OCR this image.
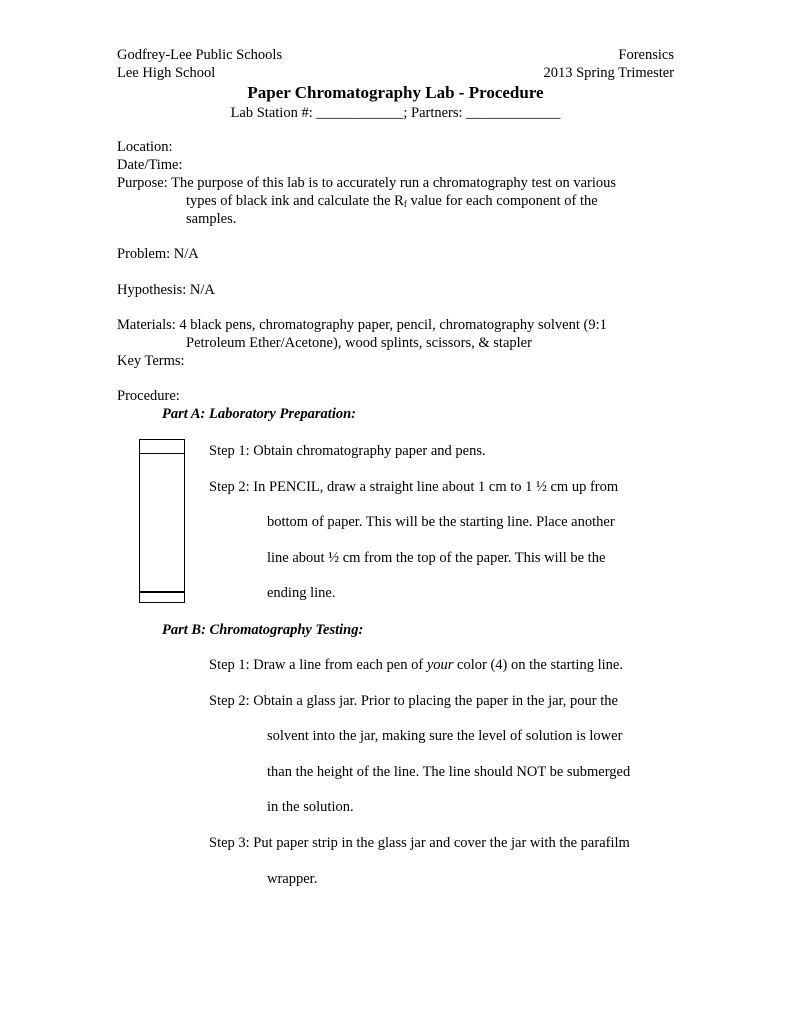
Godfrey-Lee Public Schools
Lee High School
Forensics
2013 Spring Trimester
Paper Chromatography Lab - Procedure
Lab Station #: ____________; Partners: _____________
Location:
Date/Time:
Purpose: The purpose of this lab is to accurately run a chromatography test on various
types of black ink and calculate the $R_f$ value for each component of the
samples.
Problem: N/A
Hypothesis: N/A
Materials: 4 black pens, chromatography paper, pencil, chromatography solvent (9:1
Petroleum Ether/Acetone), wood splints, scissors, & stapler
Key Terms:
Procedure:
Part A: Laboratory Preparation:
Step 1: Obtain chromatography paper and pens.
Step 2: In PENCIL, draw a straight line about 1 cm to 1 ½ cm up from
bottom of paper. This will be the starting line. Place another
line about ½ cm from the top of the paper. This will be the
ending line.
Part B: Chromatography Testing:
Step 1: Draw a line from each pen of your color (4) on the starting line.
Step 2: Obtain a glass jar. Prior to placing the paper in the jar, pour the
solvent into the jar, making sure the level of solution is lower
than the height of the line. The line should NOT be submerged
in the solution.
Step 3: Put paper strip in the glass jar and cover the jar with the parafilm
wrapper.
